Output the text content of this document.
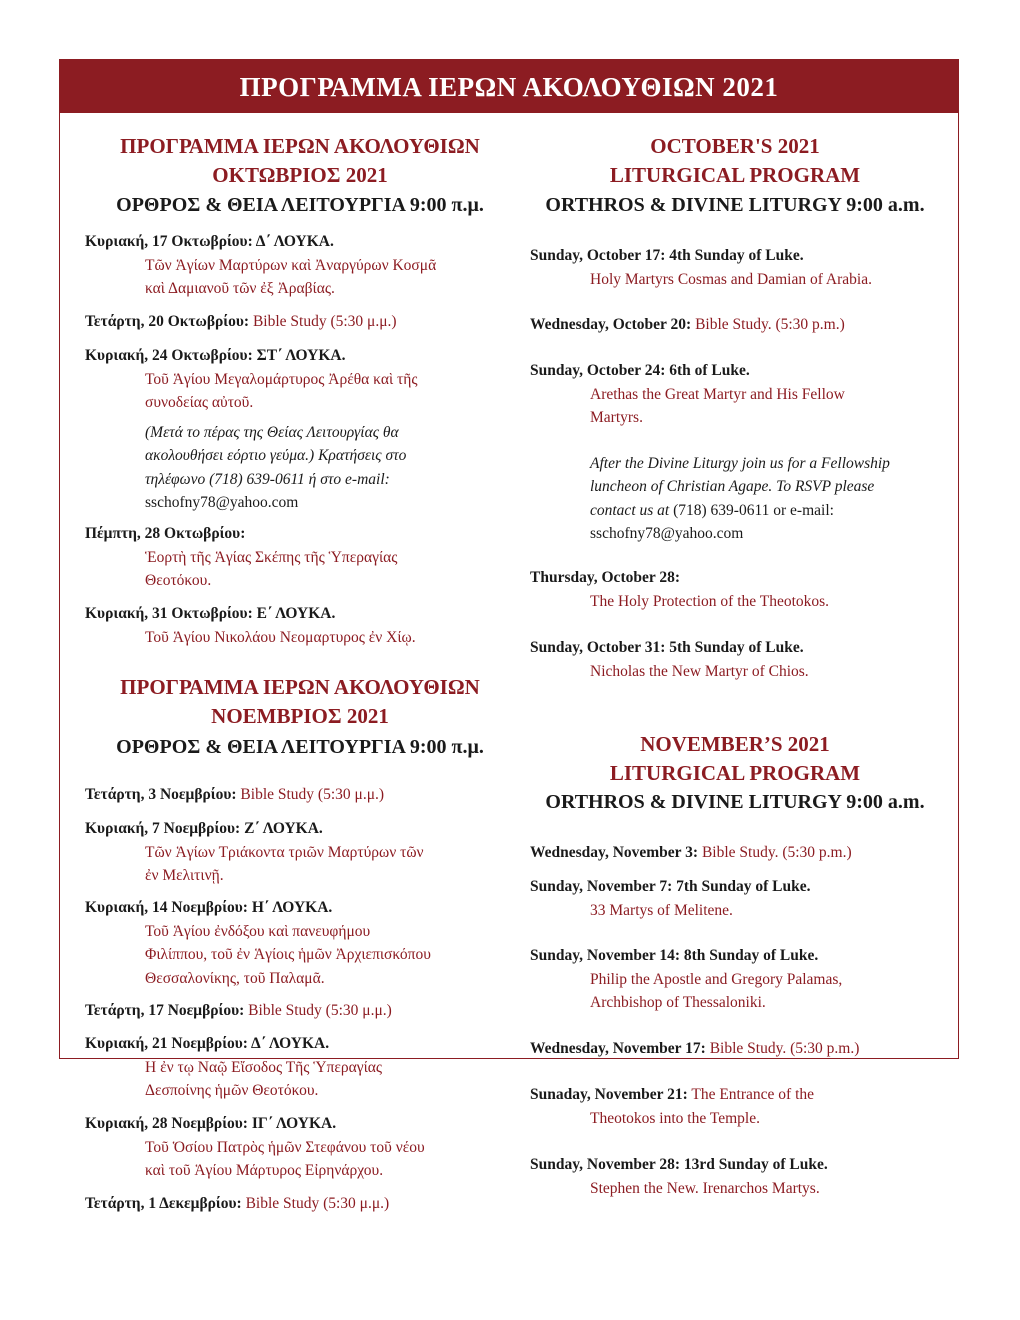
ΠΡΟΓΡΑΜΜΑ ΙΕΡΩΝ ΑΚΟΛΟΥΘΙΩΝ 2021
ΠΡΟΓΡΑΜΜΑ ΙΕΡΩΝ ΑΚΟΛΟΥΘΙΩΝ
ΟΚΤΩΒΡΙΟΣ 2021
ΟΡΘΡΟΣ & ΘΕΙΑ ΛΕΙΤΟΥΡΓΙΑ 9:00 π.μ.
Κυριακή, 17 Οκτωβρίου: Δ΄ ΛΟΥΚΑ.
Τῶν Ἁγίων Μαρτύρων καὶ Ἀναργύρων Κοσμᾶ
καὶ Δαμιανοῦ τῶν ἐξ Ἀραβίας.
Τετάρτη, 20 Οκτωβρίου: Bible Study (5:30 μ.μ.)
Κυριακή, 24 Οκτωβρίου: ΣΤ΄ ΛΟΥΚΑ.
Τοῦ Ἁγίου Μεγαλομάρτυρος Ἀρέθα καὶ τῆς
συνοδείας αὐτοῦ.
(Μετά το πέρας της Θείας Λειτουργίας θα
ακολουθήσει εόρτιο γεύμα.) Κρατήσεις στο
τηλέφωνο (718) 639-0611 ή στο e-mail:
sschofny78@yahoo.com
Πέμπτη, 28 Οκτωβρίου:
Ἑορτὴ τῆς Ἁγίας Σκέπης τῆς Ὑπεραγίας
Θεοτόκου.
Κυριακή, 31 Οκτωβρίου: Ε΄ ΛΟΥΚΑ.
Τοῦ Ἁγίου Νικολάου Νεομαρτυρος ἐν Χίῳ.
ΠΡΟΓΡΑΜΜΑ ΙΕΡΩΝ ΑΚΟΛΟΥΘΙΩΝ
ΝΟΕΜΒΡΙΟΣ 2021
ΟΡΘΡΟΣ & ΘΕΙΑ ΛΕΙΤΟΥΡΓΙΑ 9:00 π.μ.
Τετάρτη, 3 Νοεμβρίου: Bible Study (5:30 μ.μ.)
Κυριακή, 7 Νοεμβρίου: Ζ΄ ΛΟΥΚΑ.
Τῶν Ἁγίων Τριάκοντα τριῶν Μαρτύρων τῶν
ἐν Μελιτινῇ.
Κυριακή, 14 Νοεμβρίου: Η΄ ΛΟΥΚΑ.
Τοῦ Ἁγίου ἐνδόξου καὶ πανευφήμου
Φιλίππου, τοῦ ἐν Ἁγίοις ἡμῶν Ἀρχιεπισκόπου
Θεσσαλονίκης, τοῦ Παλαμᾶ.
Τετάρτη, 17 Νοεμβρίου: Bible Study (5:30 μ.μ.)
Κυριακή, 21 Νοεμβρίου: Δ΄ ΛΟΥΚΑ.
Η ἐν τῳ Ναῷ Εἴσοδος Τῆς Ὑπεραγίας
Δεσποίνης ἡμῶν Θεοτόκου.
Κυριακή, 28 Νοεμβρίου: ΙΓ΄ ΛΟΥΚΑ.
Τοῦ Ὁσίου Πατρὸς ἡμῶν Στεφάνου τοῦ νέου
καὶ τοῦ Ἁγίου Μάρτυρος Εἰρηνάρχου.
Τετάρτη, 1 Δεκεμβρίου: Bible Study (5:30 μ.μ.)
OCTOBER'S 2021
LITURGICAL PROGRAM
ORTHROS & DIVINE LITURGY 9:00 a.m.
Sunday, October 17: 4th Sunday of Luke.
Holy Martyrs Cosmas and Damian of Arabia.
Wednesday, October 20: Bible Study. (5:30 p.m.)
Sunday, October 24: 6th of Luke.
Arethas the Great Martyr and His Fellow
Martyrs.
After the Divine Liturgy join us for a Fellowship
luncheon of Christian Agape. To RSVP please
contact us at (718) 639-0611 or e-mail:
sschofny78@yahoo.com
Thursday, October 28:
The Holy Protection of the Theotokos.
Sunday, October 31: 5th Sunday of Luke.
Nicholas the New Martyr of Chios.
NOVEMBER’S 2021
LITURGICAL PROGRAM
ORTHROS & DIVINE LITURGY 9:00 a.m.
Wednesday, November 3: Bible Study. (5:30 p.m.)
Sunday, November 7: 7th Sunday of Luke.
33 Martys of Melitene.
Sunday, November 14: 8th Sunday of Luke.
Philip the Apostle and Gregory Palamas,
Archbishop of Thessaloniki.
Wednesday, November 17: Bible Study. (5:30 p.m.)
Sunaday, November 21: The Entrance of the
Theotokos into the Temple.
Sunday, November 28: 13rd Sunday of Luke.
Stephen the New. Irenarchos Martys.
